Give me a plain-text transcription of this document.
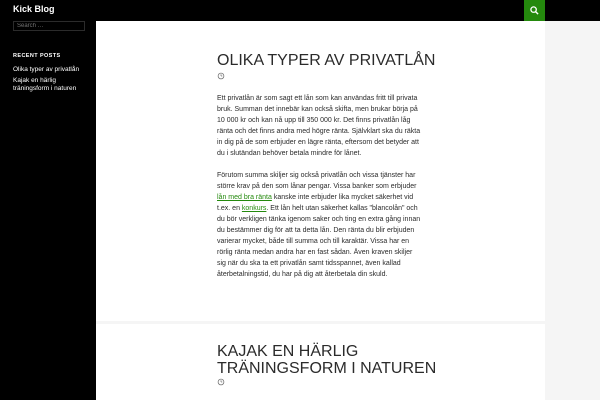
Kick Blog
Search …
RECENT POSTS
Olika typer av privatlån
Kajak en härlig träningsform i naturen
OLIKA TYPER AV PRIVATLÅN

Ett privatlån är som sagt ett lån som kan användas fritt till privata bruk. Summan det innebär kan också skifta, men brukar börja på 10 000 kr och kan nå upp till 350 000 kr. Det finns privatlån låg ränta och det finns andra med högre ränta. Självklart ska du räkta in dig på de som erbjuder en lägre ränta, eftersom det betyder att du i slutändan behöver betala mindre för lånet.

Förutom summa skiljer sig också privatlån och vissa tjänster har större krav på den som lånar pengar. Vissa banker som erbjuder lån med bra ränta kanske inte erbjuder lika mycket säkerhet vid t.ex. en konkurs. Ett lån helt utan säkerhet kallas "blancolån" och du bör verkligen tänka igenom saker och ting en extra gång innan du bestämmer dig för att ta detta lån. Den ränta du blir erbjuden varierar mycket, både till summa och till karaktär. Vissa har en rörlig ränta medan andra har en fast sådan. Även kraven skiljer sig när du ska ta ett privatlån samt tidsspannet, även kallad återbetalningstid, du har på dig att återbetala din skuld.

KAJAK EN HÄRLIG TRÄNINGSFORM I NATUREN
